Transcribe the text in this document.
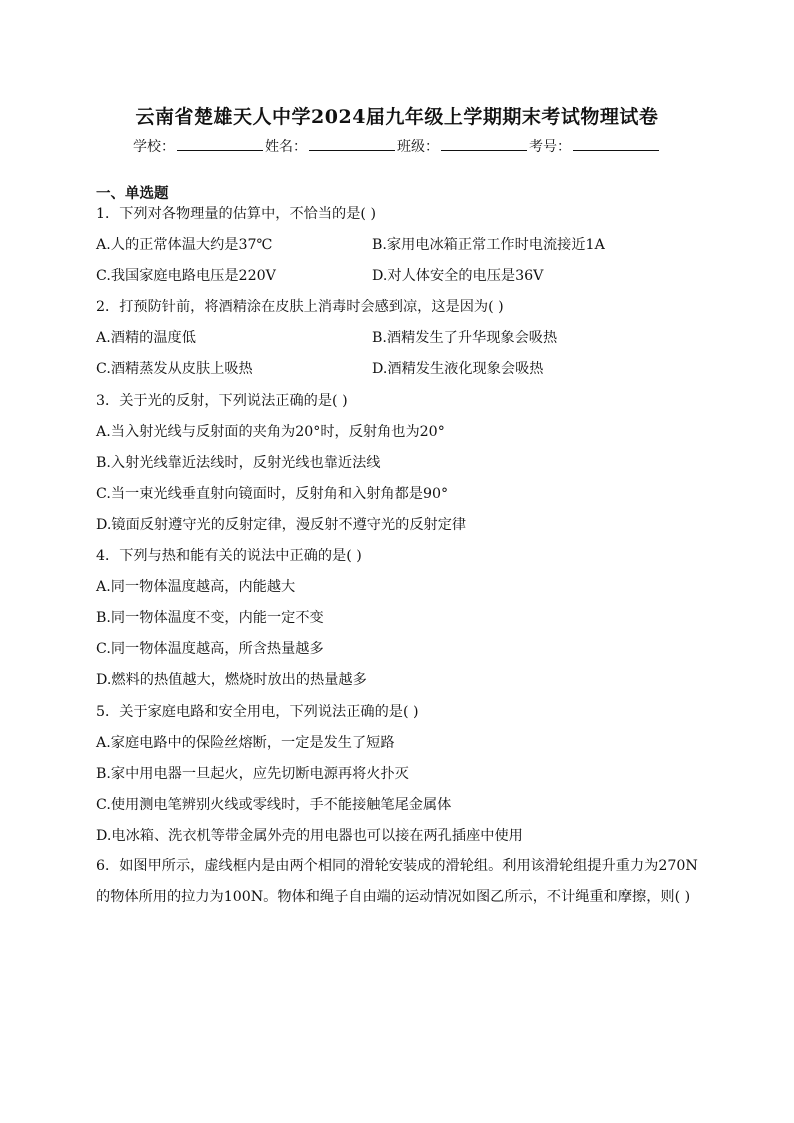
云南省楚雄天人中学2024届九年级上学期期末考试物理试卷
学校：	姓名：	班级：	考号：
一、单选题
1．下列对各物理量的估算中，不恰当的是( )
A.人的正常体温大约是37℃	B.家用电冰箱正常工作时电流接近1A
C.我国家庭电路电压是220V	D.对人体安全的电压是36V
2．打预防针前，将酒精涂在皮肤上消毒时会感到凉，这是因为( )
A.酒精的温度低	B.酒精发生了升华现象会吸热
C.酒精蒸发从皮肤上吸热	D.酒精发生液化现象会吸热
3．关于光的反射，下列说法正确的是( )
A.当入射光线与反射面的夹角为20°时，反射角也为20°
B.入射光线靠近法线时，反射光线也靠近法线
C.当一束光线垂直射向镜面时，反射角和入射角都是90°
D.镜面反射遵守光的反射定律，漫反射不遵守光的反射定律
4．下列与热和能有关的说法中正确的是( )
A.同一物体温度越高，内能越大
B.同一物体温度不变，内能一定不变
C.同一物体温度越高，所含热量越多
D.燃料的热值越大，燃烧时放出的热量越多
5．关于家庭电路和安全用电，下列说法正确的是( )
A.家庭电路中的保险丝熔断，一定是发生了短路
B.家中用电器一旦起火，应先切断电源再将火扑灭
C.使用测电笔辨别火线或零线时，手不能接触笔尾金属体
D.电冰箱、洗衣机等带金属外壳的用电器也可以接在两孔插座中使用
6．如图甲所示，虚线框内是由两个相同的滑轮安装成的滑轮组。利用该滑轮组提升重力为270N的物体所用的拉力为100N。物体和绳子自由端的运动情况如图乙所示，不计绳重和摩擦，则( )
